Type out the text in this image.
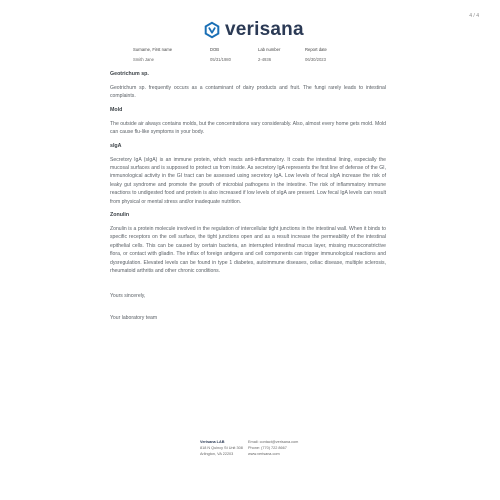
4 / 4
verisana
Surname, First name	DOB	Lab number	Report date
Smith Jane	05/31/1980	2-4936	06/30/2023
Geotrichum sp.

Geotrichum sp. frequently occurs as a contaminant of dairy products and fruit. The fungi rarely leads to intestinal complaints.

Mold

The outside air always contains molds, but the concentrations vary considerably. Also, almost every home gets mold. Mold can cause flu-like symptoms in your body.

sIgA

Secretory IgA (sIgA) is an immune protein, which reacts anti-inflammatory. It coats the intestinal lining, especially the mucosal surfaces and is supposed to protect us from inside. As secretory IgA represents the first line of defense of the GI, immunological activity in the GI tract can be assessed using secretory IgA. Low levels of fecal sIgA increase the risk of leaky gut syndrome and promote the growth of microbial pathogens in the intestine. The risk of inflammatory immune reactions to undigested food and protein is also increased if low levels of sIgA are present. Low fecal IgA levels can result from physical or mental stress and/or inadequate nutrition.

Zonulin

Zonulin is a protein molecule involved in the regulation of intercellular tight junctions in the intestinal wall. When it binds to specific receptors on the cell surface, the tight junctions open and as a result increase the permeability of the intestinal epithelial cells. This can be caused by certain bacteria, an interrupted intestinal mucus layer, missing mucoconstrictive flora, or contact with gliadin. The influx of foreign antigens and cell components can trigger immunological reactions and dysregulation. Elevated levels can be found in type 1 diabetes, autoimmune diseases, celiac disease, multiple sclerosis, rheumatoid arthritis and other chronic conditions.

Yours sincerely,

Your laboratory team

Verisana LAB
818 N Quincy St Unit 308
Arlington, VA 22203
Email: contact@verisana.com
Phone: (770) 722 8667
www.verisana.com
